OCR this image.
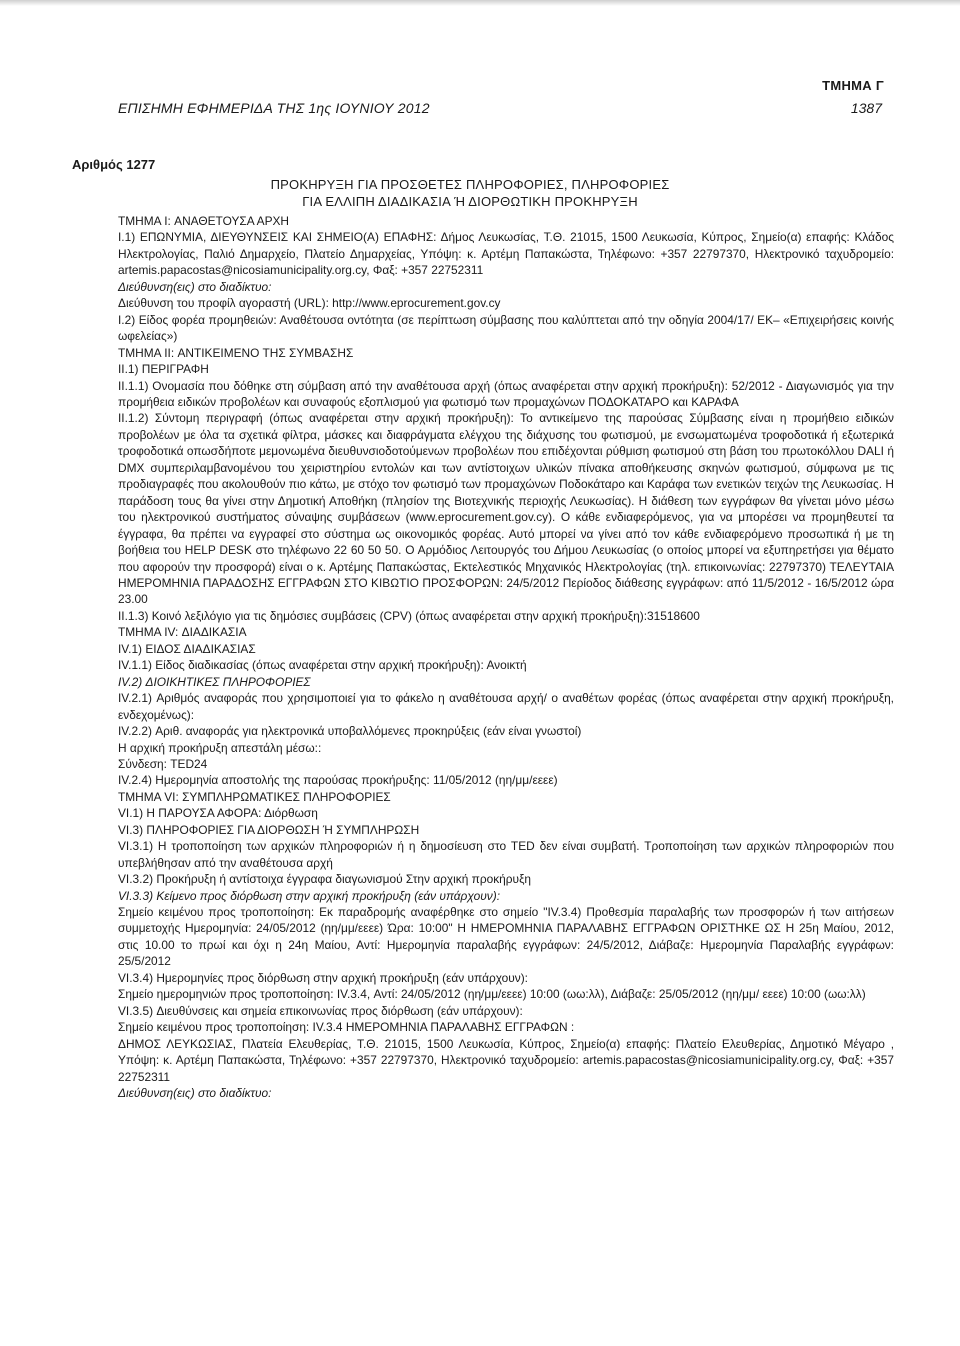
ΤΜΗΜΑ Γ
ΕΠΙΣΗΜΗ ΕΦΗΜΕΡΙΔΑ ΤΗΣ 1ης ΙΟΥΝΙΟΥ 2012	1387
Αριθμός 1277
ΠΡΟΚΗΡΥΞΗ ΓΙΑ ΠΡΟΣΘΕΤΕΣ ΠΛΗΡΟΦΟΡΙΕΣ, ΠΛΗΡΟΦΟΡΙΕΣ
ΓΙΑ ΕΛΛΙΠΗ ΔΙΑΔΙΚΑΣΙΑ Ή ΔΙΟΡΘΩΤΙΚΗ ΠΡΟΚΗΡΥΞΗ

ΤΜΗΜΑ I: ΑΝΑΘΕΤΟΥΣΑ ΑΡΧΗ

I.1) ΕΠΩΝΥΜΙΑ, ΔΙΕΥΘΥΝΣΕΙΣ ΚΑΙ ΣΗΜΕΙΟ(Α) ΕΠΑΦΗΣ: Δήμος Λευκωσίας, Τ.Θ. 21015, 1500 Λευκωσία, Κύπρος, Σημείο(α) επαφής: Κλάδος Ηλεκτρολογίας, Παλιό Δημαρχείο, Πλατείο Δημαρχείας, Υπόψη: κ. Αρτέμη Παπακώστα, Τηλέφωνο: +357 22797370, Ηλεκτρονικό ταχυδρομείο: artemis.papacostas@nicosiamunicipality.org.cy, Φαξ: +357 22752311

Διεύθυνση(εις) στο διαδίκτυο:

Διεύθυνση του προφίλ αγοραστή (URL): http://www.eprocurement.gov.cy

I.2) Είδος φορέα προμηθειών: Αναθέτουσα οντότητα (σε περίπτωση σύμβασης που καλύπτεται από την οδηγία 2004/17/ ΕΚ– «Επιχειρήσεις κοινής ωφελείας»)

ΤΜΗΜΑ II: ΑΝΤΙΚΕΙΜΕΝΟ ΤΗΣ ΣΥΜΒΑΣΗΣ

II.1) ΠΕΡΙΓΡΑΦΗ

II.1.1) Ονομασία που δόθηκε στη σύμβαση από την αναθέτουσα αρχή (όπως αναφέρεται στην αρχική προκήρυξη): 52/2012 - Διαγωνισμός για την προμήθεια ειδικών προβολέων και συναφούς εξοπλισμού για φωτισμό των προμαχώνων ΠΟΔΟΚΑΤΑΡΟ και ΚΑΡΑΦΑ

II.1.2) Σύντομη περιγραφή (όπως αναφέρεται στην αρχική προκήρυξη): Το αντικείμενο της παρούσας Σύμβασης είναι η προμήθειο ειδικών προβολέων με όλα τα σχετικά φίλτρα, μάσκες και διαφράγματα ελέγχου της διάχυσης του φωτισμού, με ενσωματωμένα τροφοδοτικά ή εξωτερικά τροφοδοτικά οπωσδήποτε μεμονωμένα διευθυνσιοδοτούμενων προβολέων που επιδέχονται ρύθμιση φωτισμού στη βάση του πρωτοκόλλου DALI ή DMX συμπεριλαμβανομένου του χειριστηρίου εντολών και των αντίστοιχων υλικών πίνακα αποθήκευσης σκηνών φωτισμού, σύμφωνα με τις προδιαγραφές που ακολουθούν πιο κάτω, με στόχο τον φωτισμό των προμαχώνων Ποδοκάταρο και Καράφα των ενετικών τειχών της Λευκωσίας. Η παράδοση τους θα γίνει στην Δημοτική Αποθήκη (πλησίον της Βιοτεχνικής περιοχής Λευκωσίας). Η διάθεση των εγγράφων θα γίνεται μόνο μέσω του ηλεκτρονικού συστήματος σύναψης συμβάσεων (www.eprocurement.gov.cy). Ο κάθε ενδιαφερόμενος, για να μπορέσει να προμηθευτεί τα έγγραφα, θα πρέπει να εγγραφεί στο σύστημα ως οικονομικός φορέας. Αυτό μπορεί να γίνει από τον κάθε ενδιαφερόμενο προσωπικά ή με τη βοήθεια του HELP DESK στο τηλέφωνο 22 60 50 50. Ο Αρμόδιος Λειτουργός του Δήμου Λευκωσίας (ο οποίος μπορεί να εξυπηρετήσει για θέματο που αφορούν την προσφορά) είναι ο κ. Αρτέμης Παπακώστας, Εκτελεστικός Μηχανικός Ηλεκτρολογίας (τηλ. επικοινωνίας: 22797370) ΤΕΛΕΥΤΑΙΑ ΗΜΕΡΟΜΗΝΙΑ ΠΑΡΑΔΟΣΗΣ ΕΓΓΡΑΦΩΝ ΣΤΟ ΚΙΒΩΤΙΟ ΠΡΟΣΦΟΡΩΝ: 24/5/2012 Περίοδος διάθεσης εγγράφων: από 11/5/2012 - 16/5/2012 ώρα 23.00

II.1.3) Κοινό λεξιλόγιο για τις δημόσιες συμβάσεις (CPV) (όπως αναφέρεται στην αρχική προκήρυξη):31518600

ΤΜΗΜΑ IV: ΔΙΑΔΙΚΑΣΙΑ

IV.1) ΕΙΔΟΣ ΔΙΑΔΙΚΑΣΙΑΣ

IV.1.1) Είδος διαδικασίας (όπως αναφέρεται στην αρχική προκήρυξη): Ανοικτή

IV.2) ΔΙΟΙΚΗΤΙΚΕΣ ΠΛΗΡΟΦΟΡΙΕΣ

IV.2.1) Αριθμός αναφοράς που χρησιμοποιεί για το φάκελο η αναθέτουσα αρχή/ ο αναθέτων φορέας (όπως αναφέρεται στην αρχική προκήρυξη, ενδεχομένως):

IV.2.2) Αριθ. αναφοράς για ηλεκτρονικά υποβαλλόμενες προκηρύξεις (εάν είναι γνωστοί)

Η αρχική προκήρυξη απεστάλη μέσω::

Σύνδεση: TED24

IV.2.4) Ημερομηνία αποστολής της παρούσας προκήρυξης: 11/05/2012 (ηη/μμ/εεεε)

ΤΜΗΜΑ VI: ΣΥΜΠΛΗΡΩΜΑΤΙΚΕΣ ΠΛΗΡΟΦΟΡΙΕΣ

VI.1) Η ΠΑΡΟΥΣΑ ΑΦΟΡΑ: Διόρθωση

VI.3) ΠΛΗΡΟΦΟΡΙΕΣ ΓΙΑ ΔΙΟΡΘΩΣΗ Ή ΣΥΜΠΛΗΡΩΣΗ

VI.3.1) Η τροποποίηση των αρχικών πληροφοριών ή η δημοσίευση στο TED δεν είναι συμβατή. Τροποποίηση των αρχικών πληροφοριών που υπεβλήθησαν από την αναθέτουσα αρχή

VI.3.2) Προκήρυξη ή αντίστοιχα έγγραφα διαγωνισμού Στην αρχική προκήρυξη

VI.3.3) Κείμενο προς διόρθωση στην αρχική προκήρυξη (εάν υπάρχουν):

Σημείο κειμένου προς τροποποίηση: Εκ παραδρομής αναφέρθηκε στο σημείο "IV.3.4) Προθεσμία παραλαβής των προσφορών ή των αιτήσεων συμμετοχής Ημερομηνία: 24/05/2012 (ηη/μμ/εεεε) Ώρα: 10:00" Η ΗΜΕΡΟΜΗΝΙΑ ΠΑΡΑΛΑΒΗΣ ΕΓΓΡΑΦΩΝ ΟΡΙΣΤΗΚΕ ΩΣ Η 25η Μαίου, 2012, στις 10.00 το πρωί και όχι η 24η Μαίου, Αντί: Ημερομηνία παραλαβής εγγράφων: 24/5/2012, Διάβαζε: Ημερομηνία Παραλαβής εγγράφων: 25/5/2012

VI.3.4) Ημερομηνίες προς διόρθωση στην αρχική προκήρυξη (εάν υπάρχουν):

Σημείο ημερομηνιών προς τροποποίηση: IV.3.4, Αντί: 24/05/2012 (ηη/μμ/εεεε) 10:00 (ωω:λλ), Διάβαζε: 25/05/2012 (ηη/μμ/ εεεε) 10:00 (ωω:λλ)

VI.3.5) Διευθύνσεις και σημεία επικοινωνίας προς διόρθωση (εάν υπάρχουν):

Σημείο κειμένου προς τροποποίηση: IV.3.4 ΗΜΕΡΟΜΗΝΙΑ ΠΑΡΑΛΑΒΗΣ ΕΓΓΡΑΦΩΝ :

ΔΗΜΟΣ ΛΕΥΚΩΣΙΑΣ, Πλατεία Ελευθερίας, Τ.Θ. 21015, 1500 Λευκωσία, Κύπρος, Σημείο(α) επαφής: Πλατείο Ελευθερίας, Δημοτικό Μέγαρο , Υπόψη: κ. Αρτέμη Παπακώστα, Τηλέφωνο: +357 22797370, Ηλεκτρονικό ταχυδρομείο: artemis.papacostas@nicosiamunicipality.org.cy, Φαξ: +357 22752311

Διεύθυνση(εις) στο διαδίκτυο:
